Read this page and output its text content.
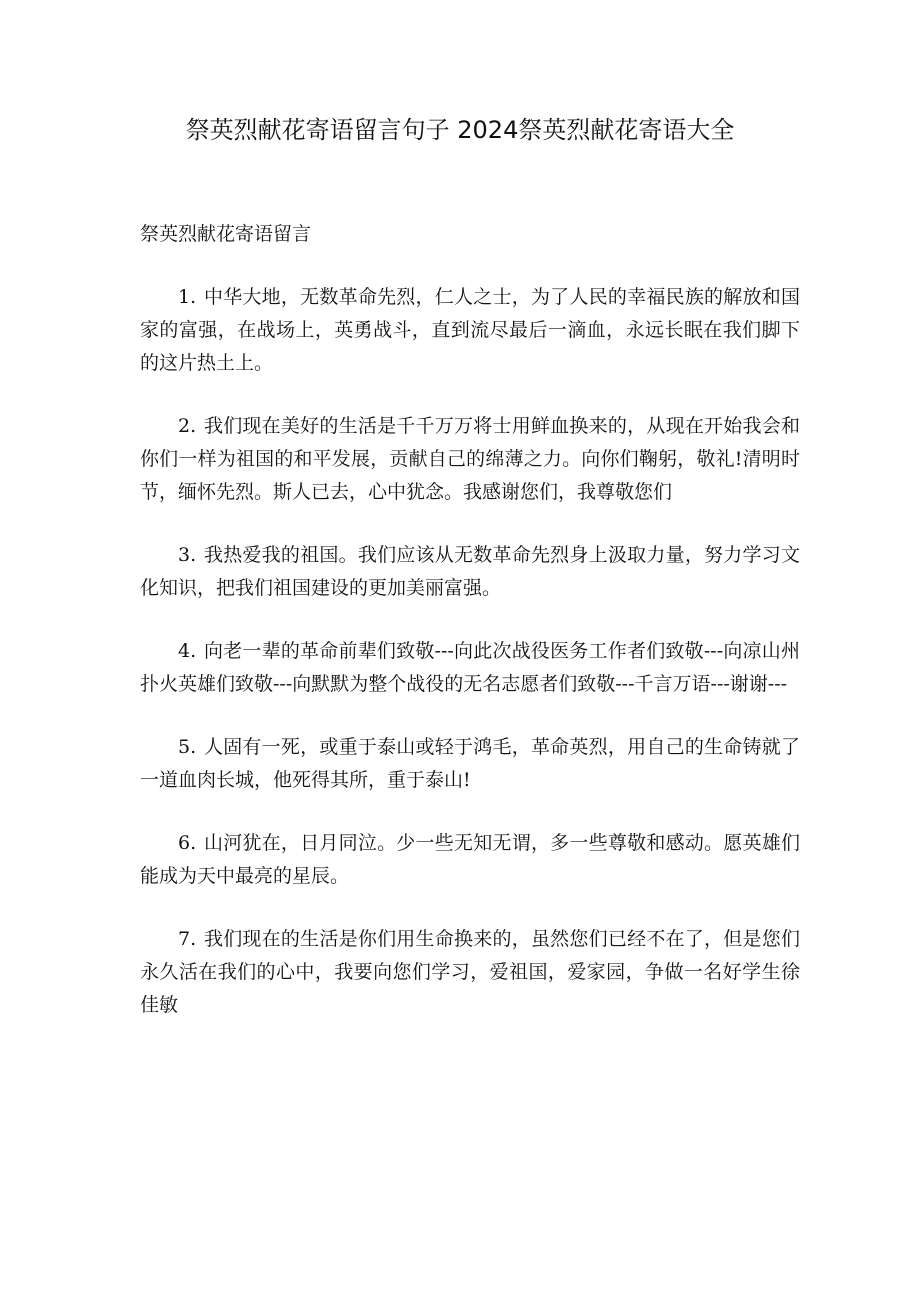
祭英烈献花寄语留言句子 2024祭英烈献花寄语大全
祭英烈献花寄语留言

1. 中华大地，无数革命先烈，仁人之士，为了人民的幸福民族的解放和国家的富强，在战场上，英勇战斗，直到流尽最后一滴血，永远长眠在我们脚下的这片热土上。

2. 我们现在美好的生活是千千万万将士用鲜血换来的，从现在开始我会和你们一样为祖国的和平发展，贡献自己的绵薄之力。向你们鞠躬，敬礼!清明时节，缅怀先烈。斯人已去，心中犹念。我感谢您们，我尊敬您们

3. 我热爱我的祖国。我们应该从无数革命先烈身上汲取力量，努力学习文化知识，把我们祖国建设的更加美丽富强。

4. 向老一辈的革命前辈们致敬---向此次战役医务工作者们致敬---向凉山州扑火英雄们致敬---向默默为整个战役的无名志愿者们致敬---千言万语---谢谢---

5. 人固有一死，或重于泰山或轻于鸿毛，革命英烈，用自己的生命铸就了一道血肉长城，他死得其所，重于泰山!

6. 山河犹在，日月同泣。少一些无知无谓，多一些尊敬和感动。愿英雄们能成为天中最亮的星辰。

7. 我们现在的生活是你们用生命换来的，虽然您们已经不在了，但是您们永久活在我们的心中，我要向您们学习，爱祖国，爱家园，争做一名好学生徐佳敏
